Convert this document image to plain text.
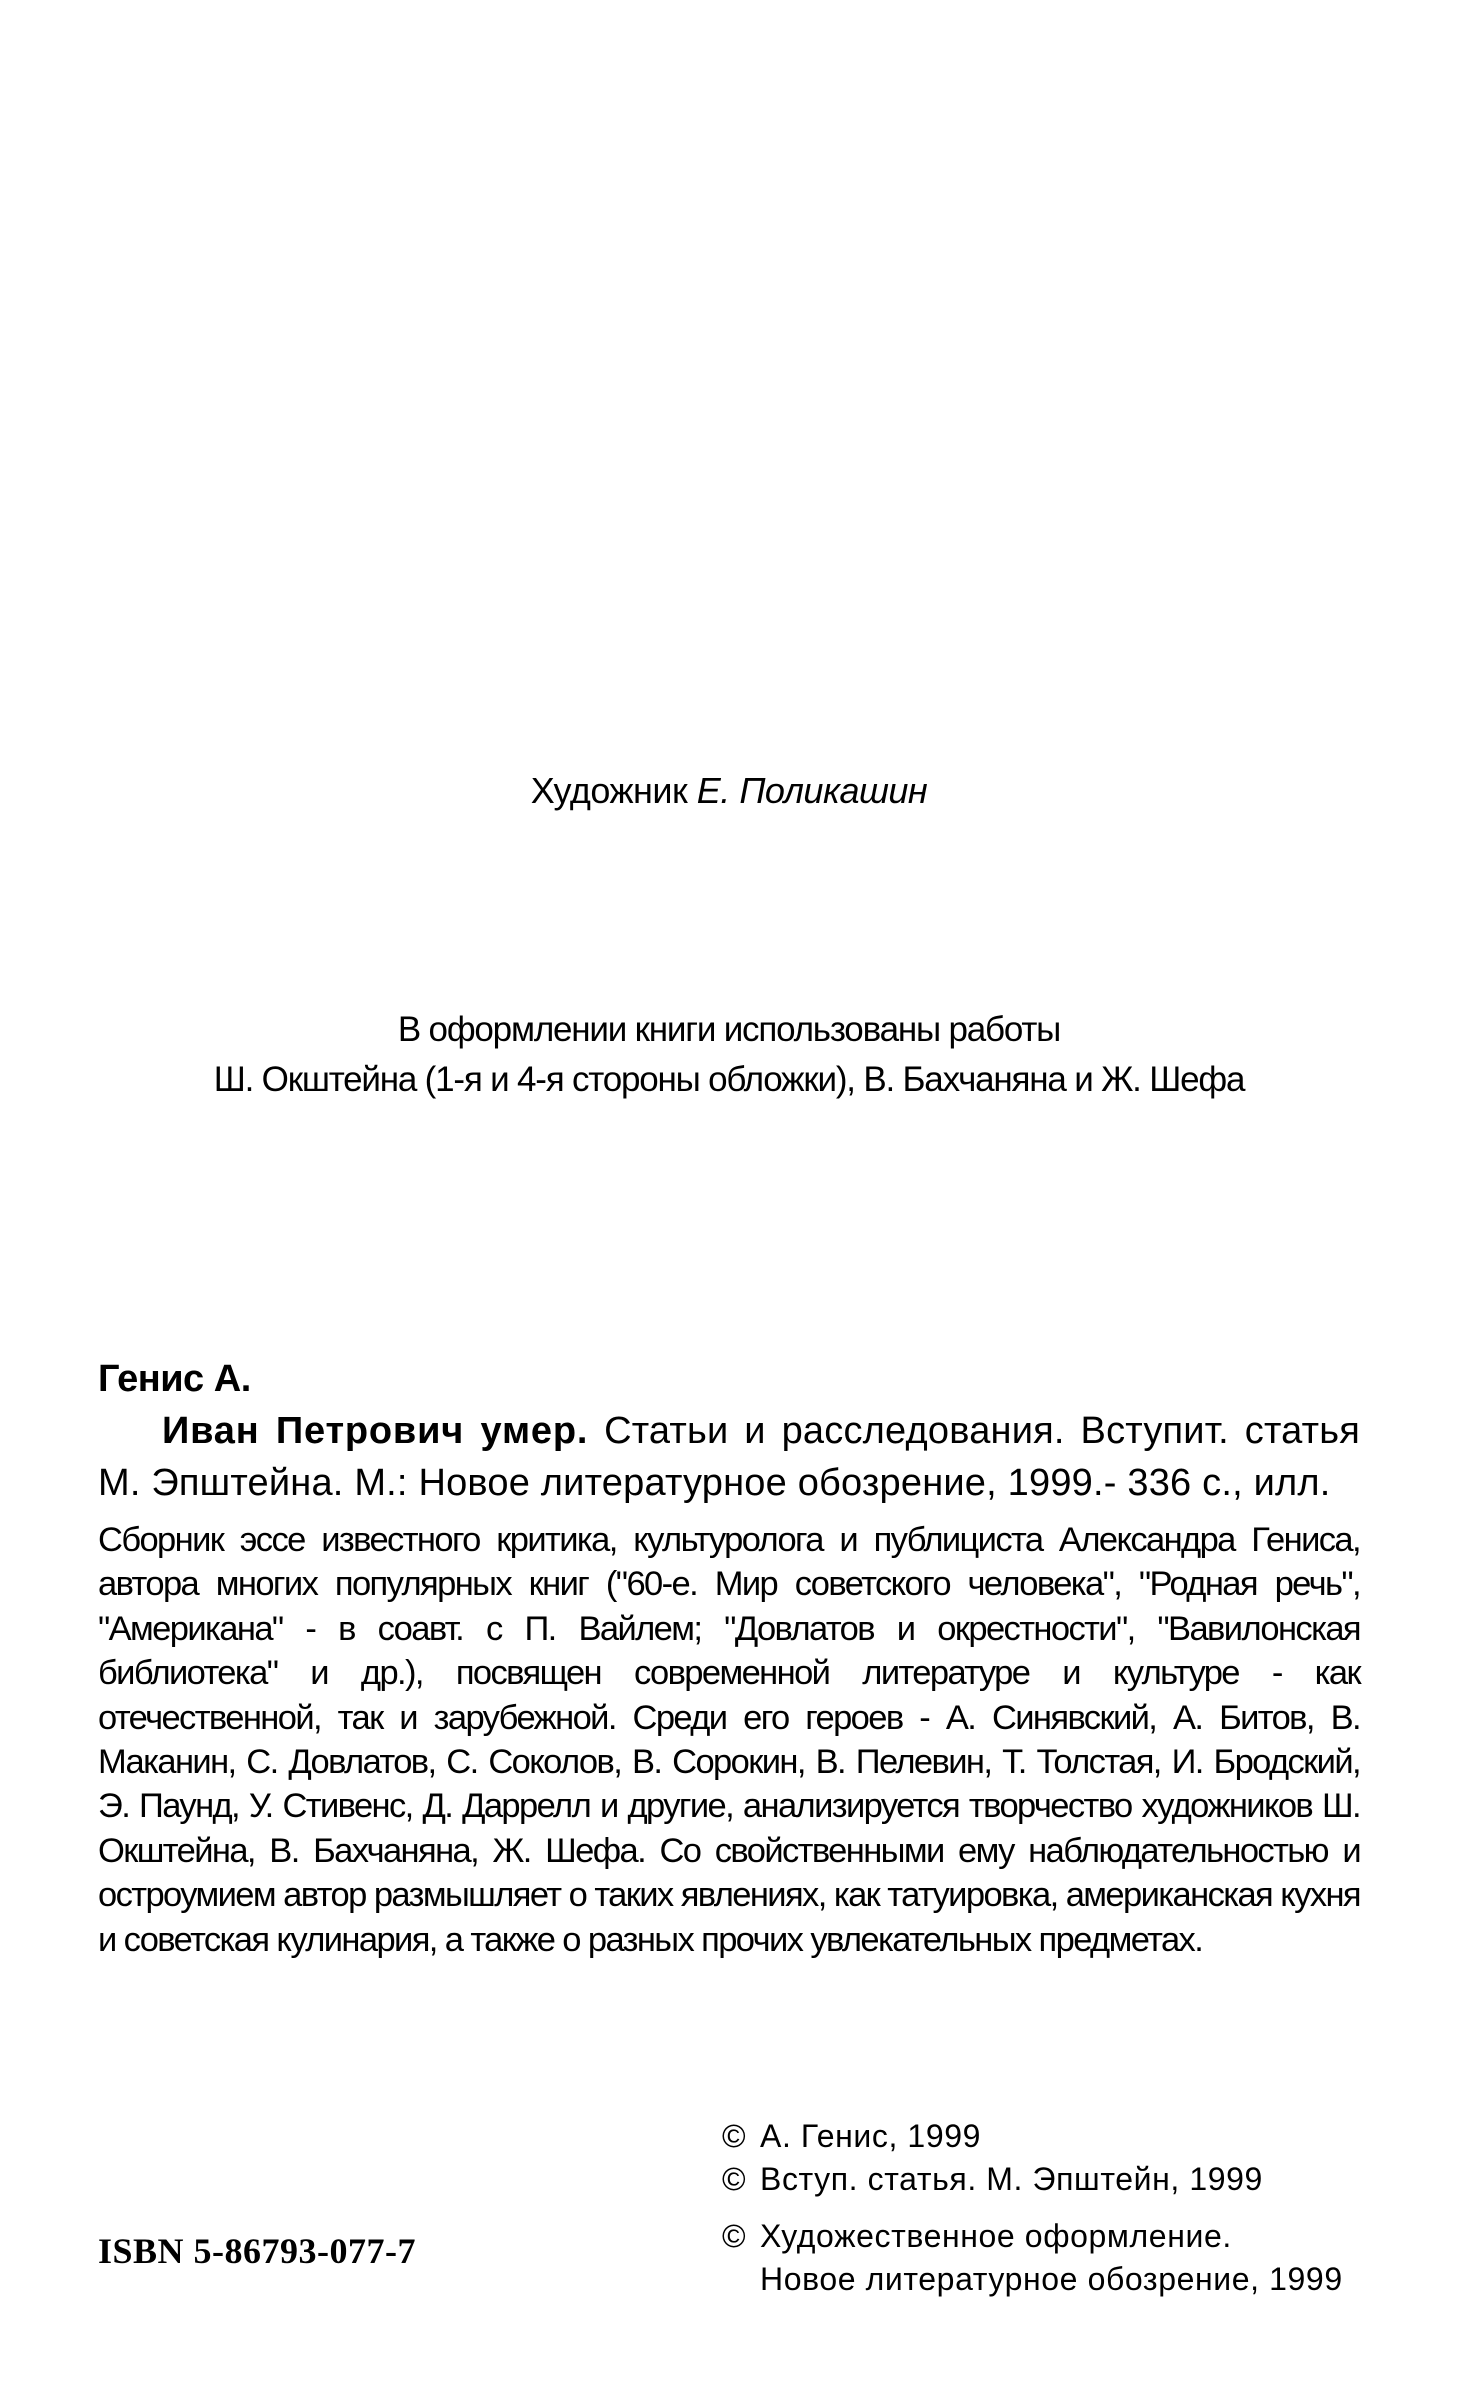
Художник Е. Поликашин
В оформлении книги использованы работы
Ш. Окштейна (1-я и 4-я стороны обложки), В. Бахчаняна и Ж. Шефа
Генис А.
Иван Петрович умер. Статьи и расследования. Вступит. статья М. Эпштейна. М.: Новое литературное обозрение, 1999.- 336 с., илл.
Сборник эссе известного критика, культуролога и публициста Александра Гениса, автора многих популярных книг ("60-е. Мир советского человека", "Родная речь", "Американа" - в соавт. с П. Вайлем; "Довлатов и окрестности", "Вавилонская библиотека" и др.), посвящен современной литературе и культуре - как отечественной, так и зарубежной. Среди его героев - А. Синявский, А. Битов, В. Маканин, С. Довлатов, С. Соколов, В. Сорокин, В. Пелевин, Т. Толстая, И. Бродский, Э. Паунд, У. Стивенс, Д. Даррелл и другие, анализируется творчество художников Ш. Окштейна, В. Бахчаняна, Ж. Шефа. Со свойственными ему наблюдательностью и остроумием автор размышляет о таких явлениях, как татуировка, американская кухня и советская кулинария, а также о разных прочих увлекательных предметах.
ISBN 5-86793-077-7
© А. Генис, 1999
© Вступ. статья. М. Эпштейн, 1999
© Художественное оформление.
Новое литературное обозрение, 1999
